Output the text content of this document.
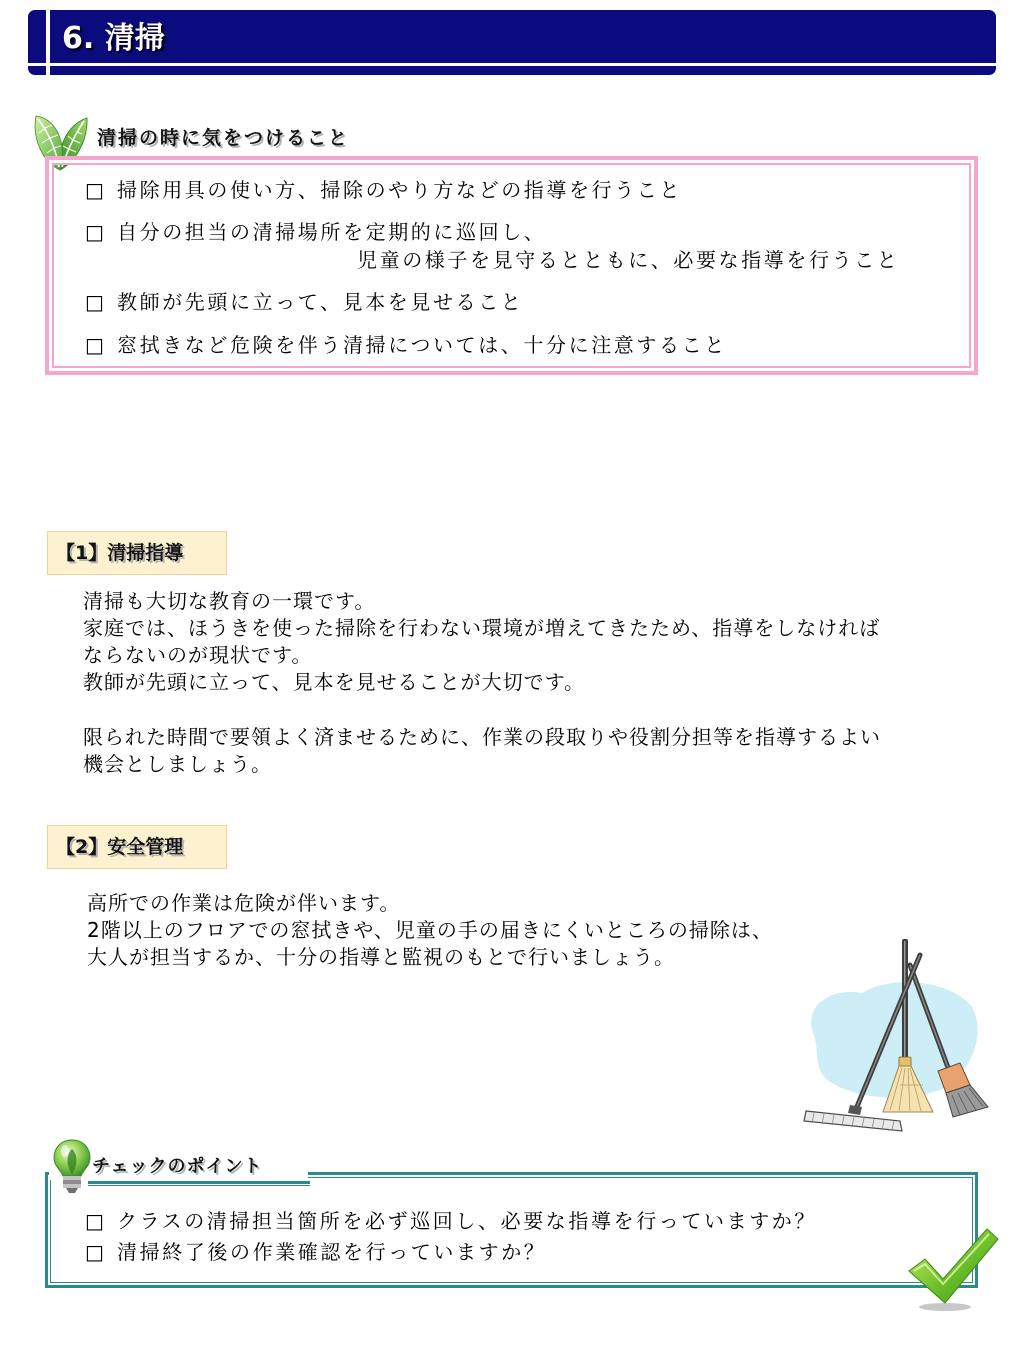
6. 清掃
清掃の時に気をつけること
□ 掃除用具の使い方、掃除のやり方などの指導を行うこと
□ 自分の担当の清掃場所を定期的に巡回し、
児童の様子を見守るとともに、必要な指導を行うこと
□ 教師が先頭に立って、見本を見せること
□ 窓拭きなど危険を伴う清掃については、十分に注意すること
【1】清掃指導
清掃も大切な教育の一環です。
家庭では、ほうきを使った掃除を行わない環境が増えてきたため、指導をしなければ
ならないのが現状です。
教師が先頭に立って、見本を見せることが大切です。
限られた時間で要領よく済ませるために、作業の段取りや役割分担等を指導するよい
機会としましょう。
【2】安全管理
高所での作業は危険が伴います。
2階以上のフロアでの窓拭きや、児童の手の届きにくいところの掃除は、
大人が担当するか、十分の指導と監視のもとで行いましょう。
□ クラスの清掃担当箇所を必ず巡回し、必要な指導を行っていますか？
□ 清掃終了後の作業確認を行っていますか？
チェックのポイント
